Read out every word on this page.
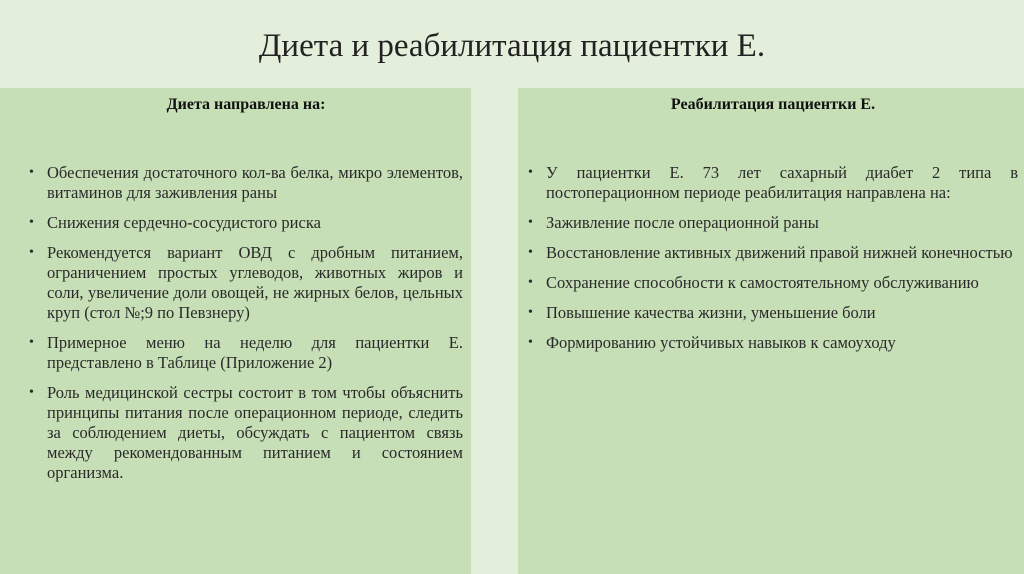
Диета и реабилитация пациентки Е.
Диета направлена на:
• Обеспечения достаточного кол-ва белка, микро элементов, витаминов для заживления раны
• Снижения сердечно-сосудистого риска
• Рекомендуется вариант ОВД с дробным питанием, ограничением простых углеводов, животных жиров и соли, увеличение доли овощей, не жирных белов, цельных круп (стол №;9 по Певзнеру)
• Примерное меню на неделю для пациентки Е. представлено в Таблице (Приложение 2)
• Роль медицинской сестры состоит в том чтобы объяснить принципы питания после операционном периоде, следить за соблюдением диеты, обсуждать с пациентом связь между рекомендованным питанием и состоянием организма.
Реабилитация пациентки Е.
• У пациентки Е. 73 лет сахарный диабет 2 типа в постоперационном периоде реабилитация направлена на:
• Заживление после операционной раны
• Восстановление активных движений правой нижней конечностью
• Сохранение способности к самостоятельному обслуживанию
• Повышение качества жизни, уменьшение боли
• Формированию устойчивых навыков к самоуходу
